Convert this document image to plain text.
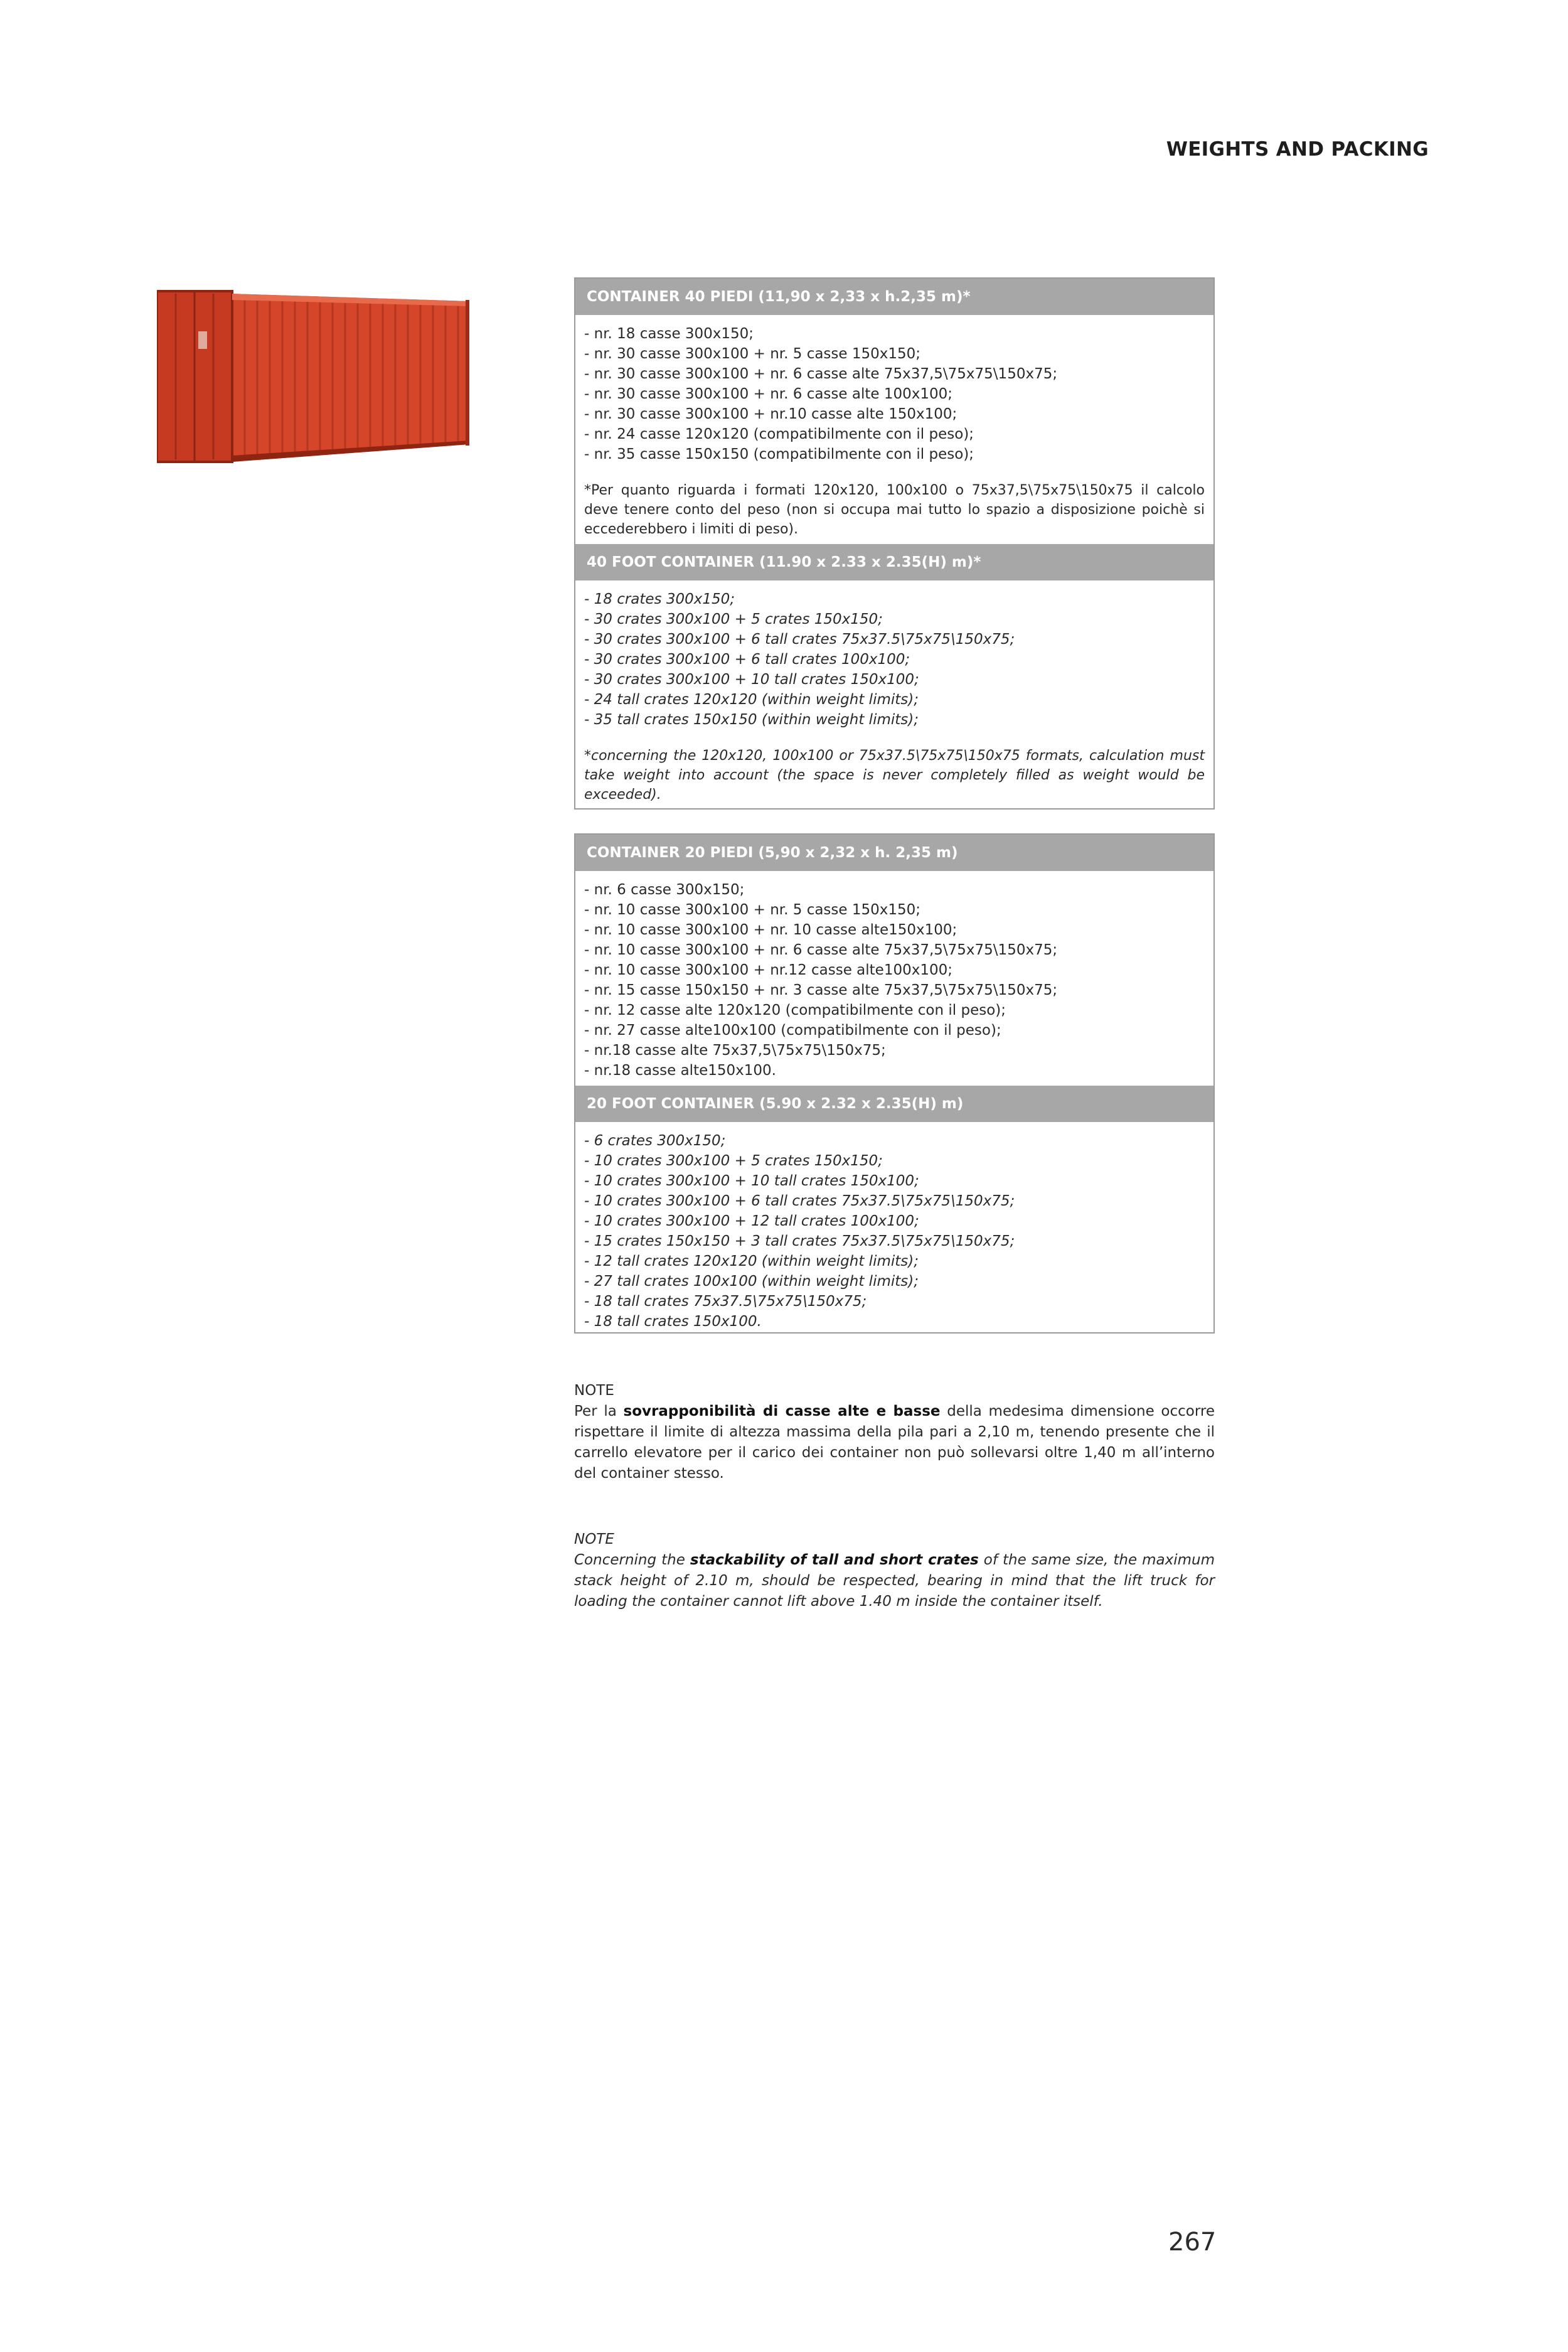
WEIGHTS AND PACKING
CONTAINER 40 PIEDI (11,90 x 2,33 x h.2,35 m)*
- nr. 18 casse 300x150;
- nr. 30 casse 300x100 + nr. 5 casse 150x150;
- nr. 30 casse 300x100 + nr. 6 casse alte 75x37,5\75x75\150x75;
- nr. 30 casse 300x100 + nr. 6 casse alte 100x100;
- nr. 30 casse 300x100 + nr.10 casse alte 150x100;
- nr. 24 casse 120x120 (compatibilmente con il peso);
- nr. 35 casse 150x150 (compatibilmente con il peso);
*Per quanto riguarda i formati 120x120, 100x100 o 75x37,5\75x75\150x75 il calcolo deve tenere conto del peso (non si occupa mai tutto lo spazio a disposizione poichè si eccederebbero i limiti di peso).
40 FOOT CONTAINER (11.90 x 2.33 x 2.35(H) m)*
- 18 crates 300x150;
- 30 crates 300x100 + 5 crates 150x150;
- 30 crates 300x100 + 6 tall crates 75x37.5\75x75\150x75;
- 30 crates 300x100 + 6 tall crates 100x100;
- 30 crates 300x100 + 10 tall crates 150x100;
- 24 tall crates 120x120 (within weight limits);
- 35 tall crates 150x150 (within weight limits);
*concerning the 120x120, 100x100 or 75x37.5\75x75\150x75 formats, calculation must take weight into account (the space is never completely filled as weight would be exceeded).
CONTAINER 20 PIEDI (5,90 x 2,32 x h. 2,35 m)
- nr. 6 casse 300x150;
- nr. 10 casse 300x100 + nr. 5 casse 150x150;
- nr. 10 casse 300x100 + nr. 10 casse alte150x100;
- nr. 10 casse 300x100 + nr. 6 casse alte 75x37,5\75x75\150x75;
- nr. 10 casse 300x100 + nr.12 casse alte100x100;
- nr. 15 casse 150x150 + nr. 3 casse alte 75x37,5\75x75\150x75;
- nr. 12 casse alte 120x120 (compatibilmente con il peso);
- nr. 27 casse alte100x100 (compatibilmente con il peso);
- nr.18 casse alte 75x37,5\75x75\150x75;
- nr.18 casse alte150x100.
20 FOOT CONTAINER (5.90 x 2.32 x 2.35(H) m)
- 6 crates 300x150;
- 10 crates 300x100 + 5 crates 150x150;
- 10 crates 300x100 + 10 tall crates 150x100;
- 10 crates 300x100 + 6 tall crates 75x37.5\75x75\150x75;
- 10 crates 300x100 + 12 tall crates 100x100;
- 15 crates 150x150 + 3 tall crates 75x37.5\75x75\150x75;
- 12 tall crates 120x120 (within weight limits);
- 27 tall crates 100x100 (within weight limits);
- 18 tall crates 75x37.5\75x75\150x75;
- 18 tall crates 150x100.
NOTE
Per la sovrapponibilità di casse alte e basse della medesima dimensione occorre rispettare il limite di altezza massima della pila pari a 2,10 m, tenendo presente che il carrello elevatore per il carico dei container non può sollevarsi oltre 1,40 m all’interno del container stesso.
NOTE
Concerning the stackability of tall and short crates of the same size, the maximum stack height of 2.10 m, should be respected, bearing in mind that the lift truck for loading the container cannot lift above 1.40 m inside the container itself.
267
